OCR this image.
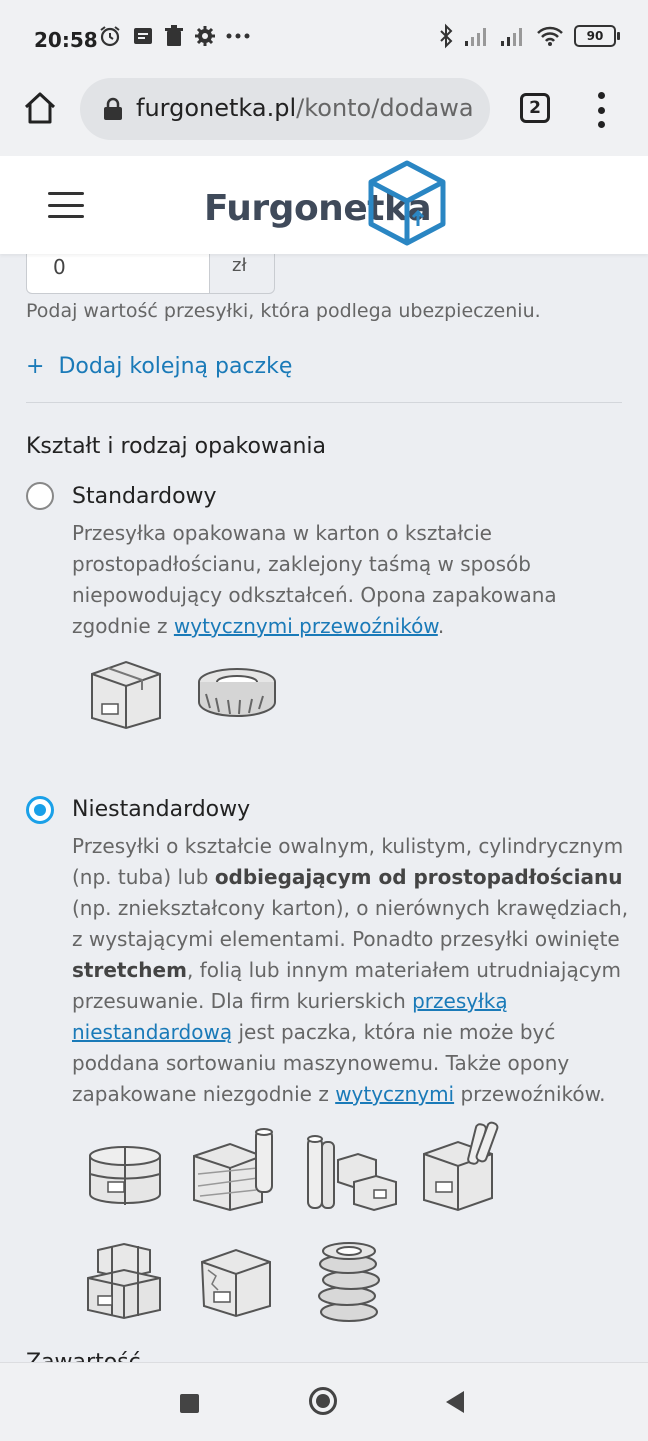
20:58	90
furgonetka.pl/konto/dodawa	2
Furgonetka
0	zł
Podaj wartość przesyłki, która podlega ubezpieczeniu.
+ Dodaj kolejną paczkę
Kształt i rodzaj opakowania
Standardowy
Przesyłka opakowana w karton o kształcie prostopadłościanu, zaklejony taśmą w sposób niepowodujący odkształceń. Opona zapakowana zgodnie z wytycznymi przewoźników.
Niestandardowy
Przesyłki o kształcie owalnym, kulistym, cylindrycznym (np. tuba) lub odbiegającym od prostopadłościanu (np. zniekształcony karton), o nierównych krawędziach, z wystającymi elementami. Ponadto przesyłki owinięte stretchem, folią lub innym materiałem utrudniającym przesuwanie. Dla firm kurierskich przesyłką niestandardową jest paczka, która nie może być poddana sortowaniu maszynowemu. Także opony zapakowane niezgodnie z wytycznymi przewoźników.
